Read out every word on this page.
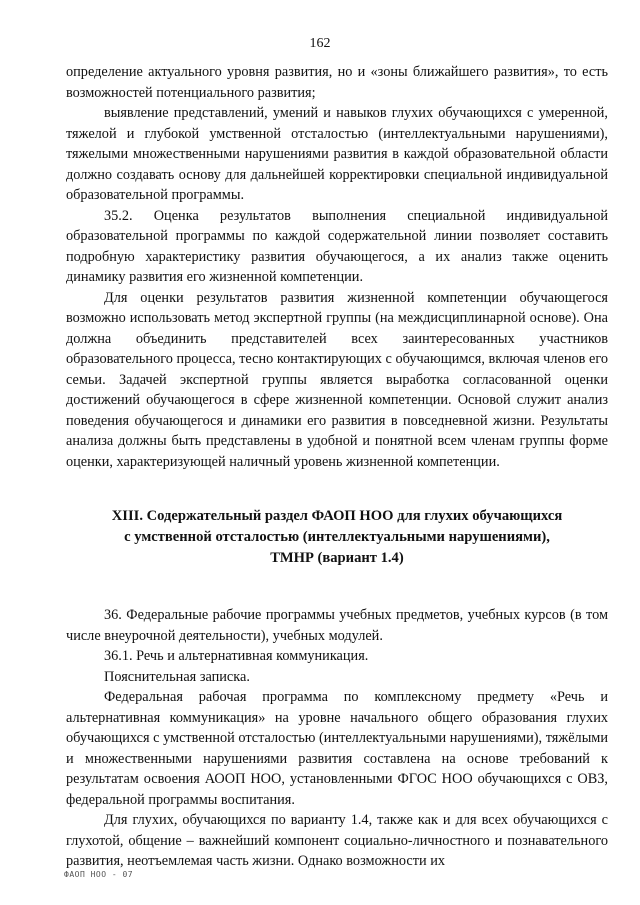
162

определение актуального уровня развития, но и «зоны ближайшего развития», то есть возможностей потенциального развития;

выявление представлений, умений и навыков глухих обучающихся с умеренной, тяжелой и глубокой умственной отсталостью (интеллектуальными нарушениями), тяжелыми множественными нарушениями развития в каждой образовательной области должно создавать основу для дальнейшей корректировки специальной индивидуальной образовательной программы.

35.2. Оценка результатов выполнения специальной индивидуальной образовательной программы по каждой содержательной линии позволяет составить подробную характеристику развития обучающегося, а их анализ также оценить динамику развития его жизненной компетенции.

Для оценки результатов развития жизненной компетенции обучающегося возможно использовать метод экспертной группы (на междисциплинарной основе). Она должна объединить представителей всех заинтересованных участников образовательного процесса, тесно контактирующих с обучающимся, включая членов его семьи. Задачей экспертной группы является выработка согласованной оценки достижений обучающегося в сфере жизненной компетенции. Основой служит анализ поведения обучающегося и динамики его развития в повседневной жизни. Результаты анализа должны быть представлены в удобной и понятной всем членам группы форме оценки, характеризующей наличный уровень жизненной компетенции.

XIII. Содержательный раздел ФАОП НОО для глухих обучающихся
с умственной отсталостью (интеллектуальными нарушениями),
ТМНР (вариант 1.4)

36. Федеральные рабочие программы учебных предметов, учебных курсов (в том числе внеурочной деятельности), учебных модулей.

36.1. Речь и альтернативная коммуникация.

Пояснительная записка.

Федеральная рабочая программа по комплексному предмету «Речь и альтернативная коммуникация» на уровне начального общего образования глухих обучающихся с умственной отсталостью (интеллектуальными нарушениями), тяжёлыми и множественными нарушениями развития составлена на основе требований к результатам освоения АООП НОО, установленными ФГОС НОО обучающихся с ОВЗ, федеральной программы воспитания.

Для глухих, обучающихся по варианту 1.4, также как и для всех обучающихся с глухотой, общение – важнейший компонент социально-личностного и познавательного развития, неотъемлемая часть жизни. Однако возможности их

ФАОП НОО - 07
